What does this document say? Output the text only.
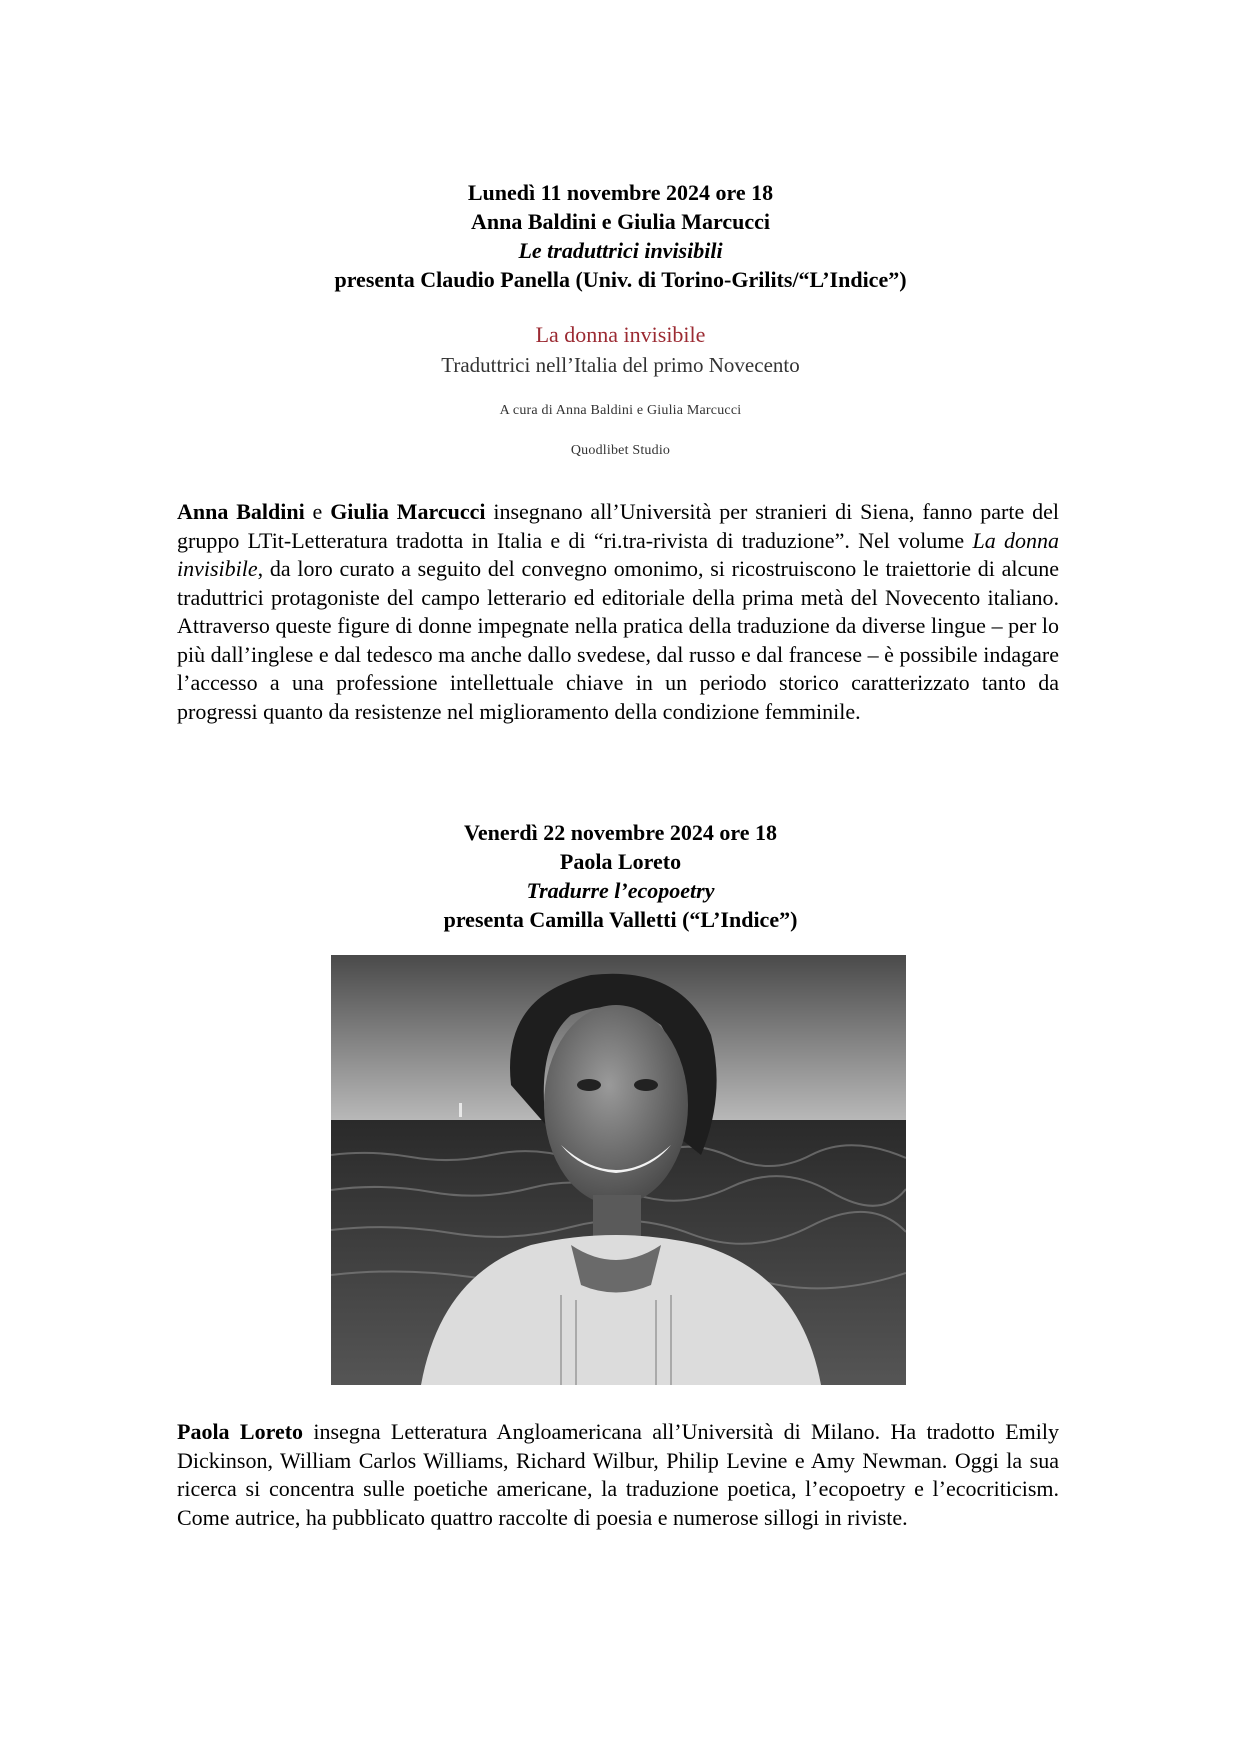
Lunedì 11 novembre 2024 ore 18
Anna Baldini e Giulia Marcucci
Le traduttrici invisibili
presenta Claudio Panella (Univ. di Torino-Grilits/“L’Indice”)
La donna invisibile
Traduttrici nell’Italia del primo Novecento
A cura di Anna Baldini e Giulia Marcucci
Quodlibet Studio
Anna Baldini e Giulia Marcucci insegnano all’Università per stranieri di Siena, fanno parte del gruppo LTit-Letteratura tradotta in Italia e di “ri.tra-rivista di traduzione”. Nel volume La donna invisibile, da loro curato a seguito del convegno omonimo, si ricostruiscono le traiettorie di alcune traduttrici protagoniste del campo letterario ed editoriale della prima metà del Novecento italiano. Attraverso queste figure di donne impegnate nella pratica della traduzione da diverse lingue – per lo più dall’inglese e dal tedesco ma anche dallo svedese, dal russo e dal francese – è possibile indagare l’accesso a una professione intellettuale chiave in un periodo storico caratterizzato tanto da progressi quanto da resistenze nel miglioramento della condizione femminile.
Venerdì 22 novembre 2024 ore 18
Paola Loreto
Tradurre l’ecopoetry
presenta Camilla Valletti (“L’Indice”)
Paola Loreto insegna Letteratura Angloamericana all’Università di Milano. Ha tradotto Emily Dickinson, William Carlos Williams, Richard Wilbur, Philip Levine e Amy Newman. Oggi la sua ricerca si concentra sulle poetiche americane, la traduzione poetica, l’ecopoetry e l’ecocriticism. Come autrice, ha pubblicato quattro raccolte di poesia e numerose sillogi in riviste.
